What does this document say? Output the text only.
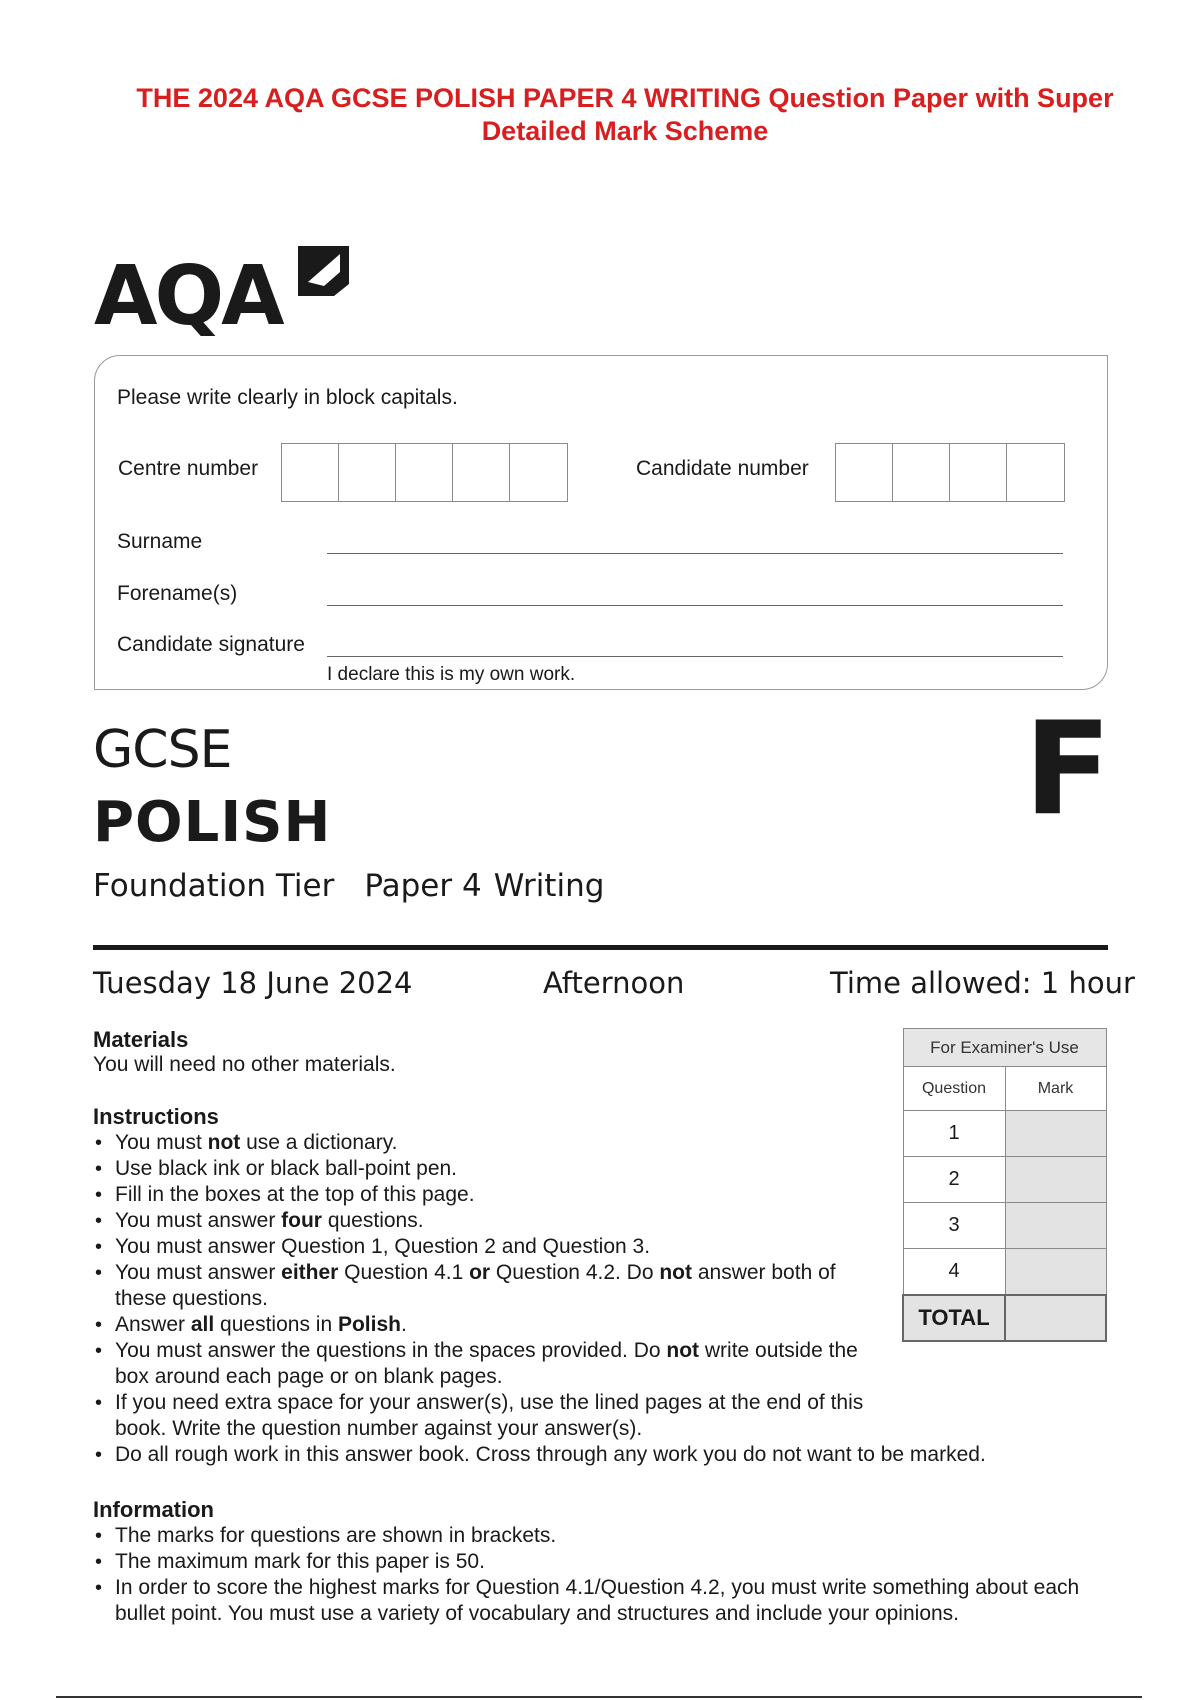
THE 2024 AQA GCSE POLISH PAPER 4 WRITING Question Paper with Super
Detailed Mark Scheme
AQA
Please write clearly in block capitals.
Centre number	Candidate number
Surname
Forename(s)
Candidate signature
I declare this is my own work.
GCSE
POLISH	F
Foundation Tier Paper 4 Writing
Tuesday 18 June 2024	Afternoon	Time allowed: 1 hour
Materials
You will need no other materials.
Instructions
• You must not use a dictionary.
• Use black ink or black ball-point pen.
• Fill in the boxes at the top of this page.
• You must answer four questions.
• You must answer Question 1, Question 2 and Question 3.
• You must answer either Question 4.1 or Question 4.2. Do not answer both of these questions.
• Answer all questions in Polish.
• You must answer the questions in the spaces provided. Do not write outside the box around each page or on blank pages.
• If you need extra space for your answer(s), use the lined pages at the end of this book. Write the question number against your answer(s).
• Do all rough work in this answer book. Cross through any work you do not want to be marked.
Information
• The marks for questions are shown in brackets.
• The maximum mark for this paper is 50.
• In order to score the highest marks for Question 4.1/Question 4.2, you must write something about each bullet point. You must use a variety of vocabulary and structures and include your opinions.
For Examiner's Use	
Question	Mark
1	
2	
3	
4	
TOTAL	
